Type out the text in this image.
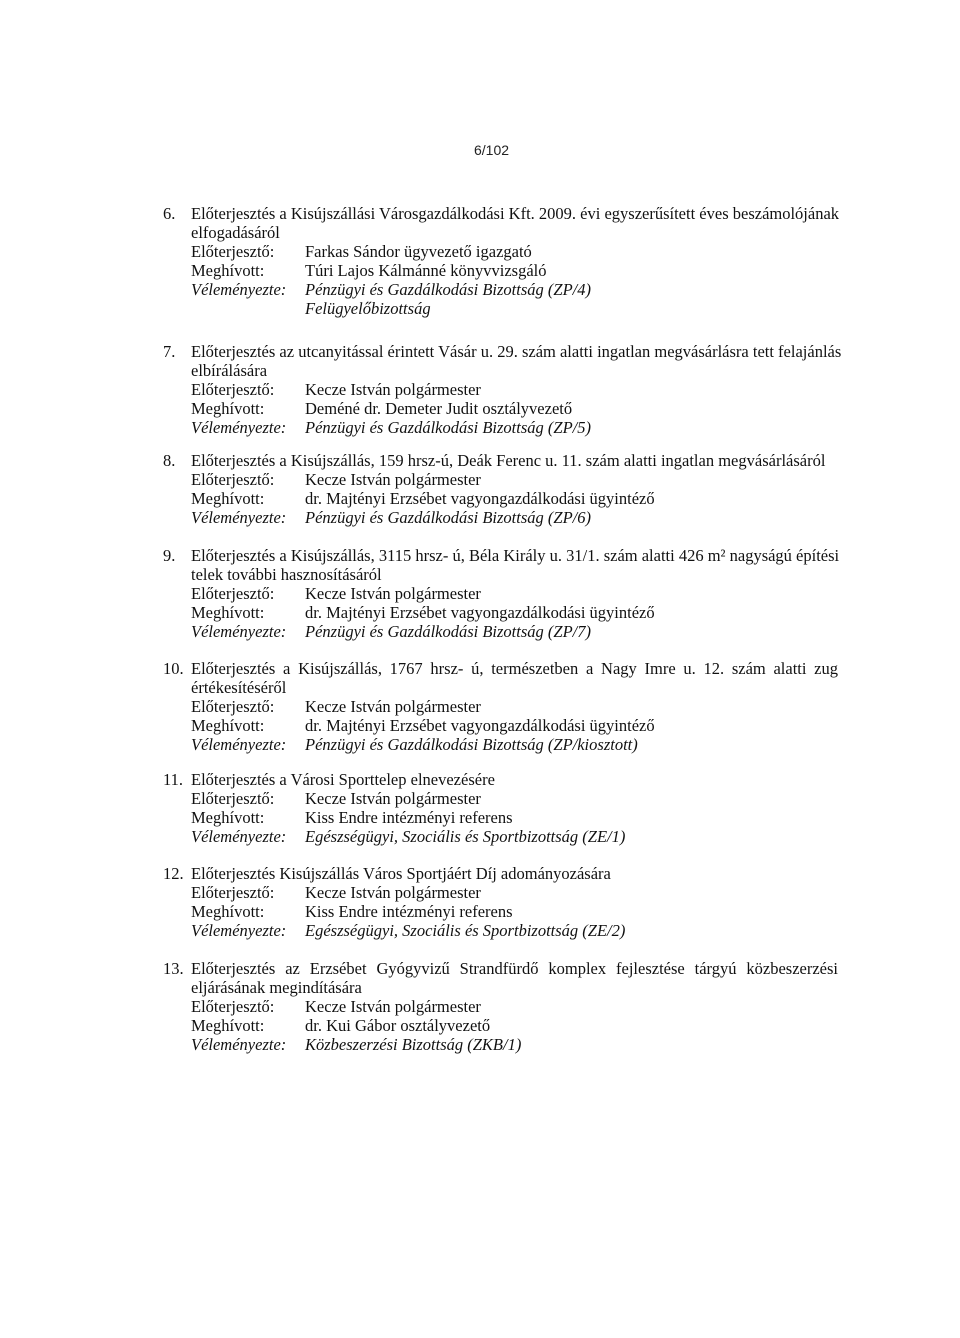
6/102
6. Előterjesztés a Kisújszállási Városgazdálkodási Kft. 2009. évi egyszerűsített éves beszámolójának
elfogadásáról
Előterjesztő: Farkas Sándor ügyvezető igazgató
Meghívott: Túri Lajos Kálmánné könyvvizsgáló
Véleményezte: Pénzügyi és Gazdálkodási Bizottság (ZP/4)
Felügyelőbizottság
7. Előterjesztés az utcanyitással érintett Vásár u. 29. szám alatti ingatlan megvásárlásra tett felajánlás
elbírálására
Előterjesztő: Kecze István polgármester
Meghívott: Deméné dr. Demeter Judit osztályvezető
Véleményezte: Pénzügyi és Gazdálkodási Bizottság (ZP/5)
8. Előterjesztés a Kisújszállás, 159 hrsz-ú, Deák Ferenc u. 11. szám alatti ingatlan megvásárlásáról
Előterjesztő: Kecze István polgármester
Meghívott: dr. Majtényi Erzsébet vagyongazdálkodási ügyintéző
Véleményezte: Pénzügyi és Gazdálkodási Bizottság (ZP/6)
9. Előterjesztés a Kisújszállás, 3115 hrsz- ú, Béla Király u. 31/1. szám alatti 426 m² nagyságú építési
telek további hasznosításáról
Előterjesztő: Kecze István polgármester
Meghívott: dr. Majtényi Erzsébet vagyongazdálkodási ügyintéző
Véleményezte: Pénzügyi és Gazdálkodási Bizottság (ZP/7)
10. Előterjesztés a Kisújszállás, 1767 hrsz- ú, természetben a Nagy Imre u. 12. szám alatti zug
értékesítéséről
Előterjesztő: Kecze István polgármester
Meghívott: dr. Majtényi Erzsébet vagyongazdálkodási ügyintéző
Véleményezte: Pénzügyi és Gazdálkodási Bizottság (ZP/kiosztott)
11. Előterjesztés a Városi Sporttelep elnevezésére
Előterjesztő: Kecze István polgármester
Meghívott: Kiss Endre intézményi referens
Véleményezte: Egészségügyi, Szociális és Sportbizottság (ZE/1)
12. Előterjesztés Kisújszállás Város Sportjáért Díj adományozására
Előterjesztő: Kecze István polgármester
Meghívott: Kiss Endre intézményi referens
Véleményezte: Egészségügyi, Szociális és Sportbizottság (ZE/2)
13. Előterjesztés az Erzsébet Gyógyvizű Strandfürdő komplex fejlesztése tárgyú közbeszerzési
eljárásának megindítására
Előterjesztő: Kecze István polgármester
Meghívott: dr. Kui Gábor osztályvezető
Véleményezte: Közbeszerzési Bizottság (ZKB/1)
